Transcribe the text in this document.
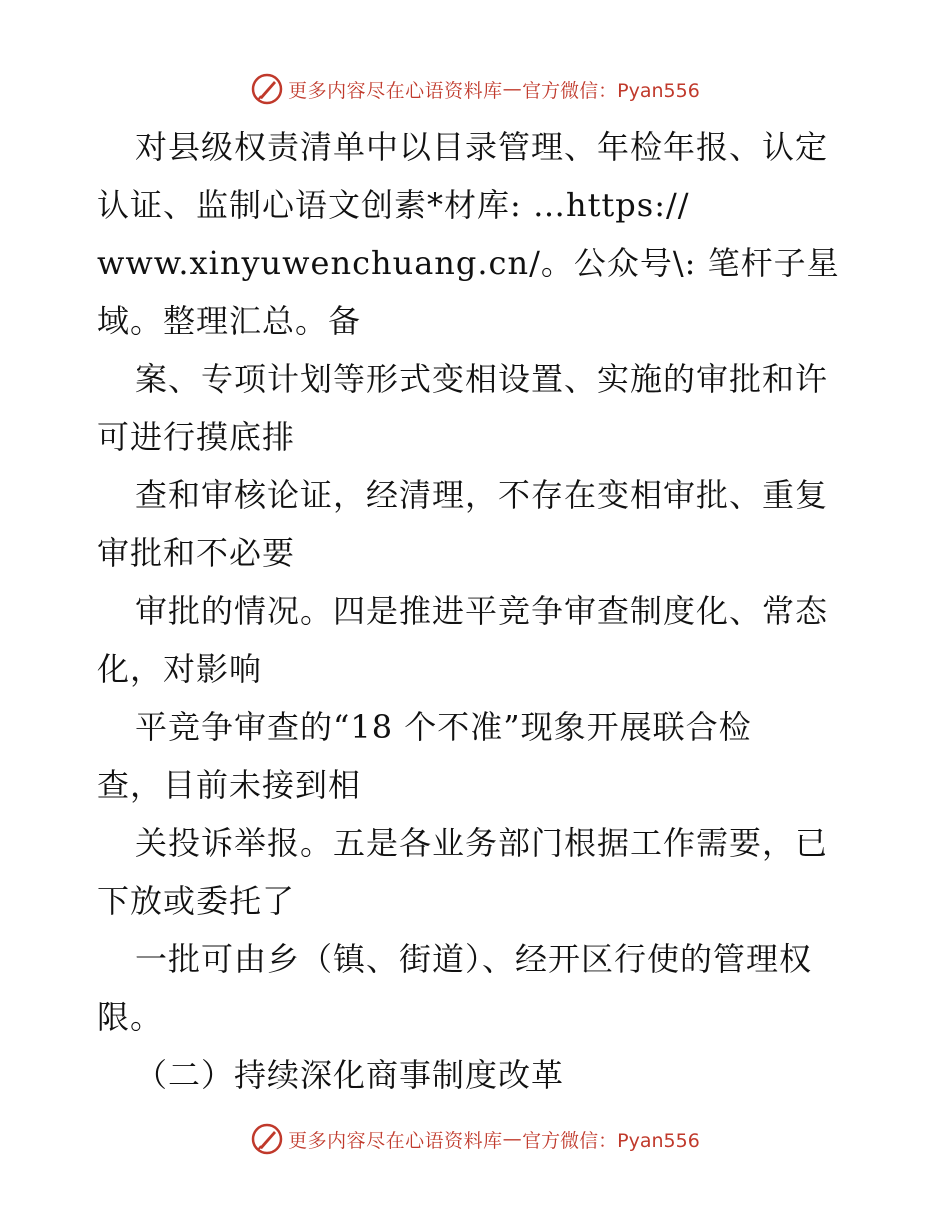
更多内容尽在心语资料库 — 官方微信：Pyan556
对县级权责清单中以目录管理、年检年报、认定
认证、监制心语文创素*材库: …https://
www.xinyuwenchuang.cn/。公众号\: 笔杆子星
域。整理汇总。备
案、专项计划等形式变相设置、实施的审批和许
可进行摸底排
查和审核论证，经清理，不存在变相审批、重复
审批和不必要
审批的情况。四是推进平竞争审查制度化、常态
化，对影响
平竞争审查的“18 个不准”现象开展联合检
查，目前未接到相
关投诉举报。五是各业务部门根据工作需要，已
下放或委托了
一批可由乡（镇、街道）、经开区行使的管理权
限。
（二）持续深化商事制度改革
更多内容尽在心语资料库 — 官方微信：Pyan556
